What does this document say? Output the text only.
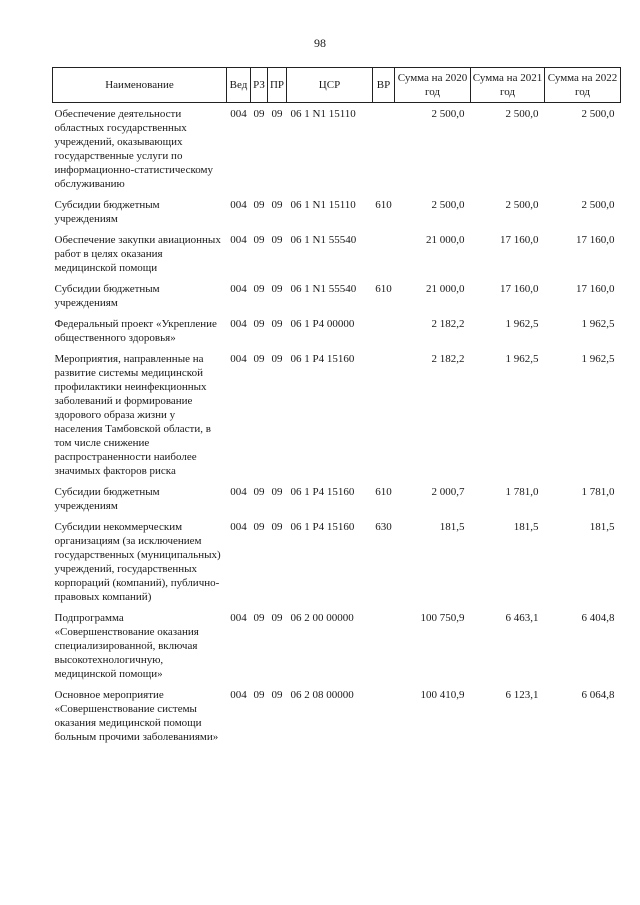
98
Наименование	Вед	РЗ	ПР	ЦСР	ВР	Сумма на 2020 год	Сумма на 2021 год	Сумма на 2022 год
Обеспечение деятельности областных государственных учреждений, оказывающих государственные услуги по информационно-статистическому обслуживанию	004	09	09	06 1 N1 15110		2 500,0	2 500,0	2 500,0
Субсидии бюджетным учреждениям	004	09	09	06 1 N1 15110	610	2 500,0	2 500,0	2 500,0
Обеспечение закупки авиационных работ в целях оказания медицинской помощи	004	09	09	06 1 N1 55540		21 000,0	17 160,0	17 160,0
Субсидии бюджетным учреждениям	004	09	09	06 1 N1 55540	610	21 000,0	17 160,0	17 160,0
Федеральный проект «Укрепление общественного здоровья»	004	09	09	06 1 P4 00000		2 182,2	1 962,5	1 962,5
Мероприятия, направленные на развитие системы медицинской профилактики неинфекционных заболеваний и формирование здорового образа жизни у населения Тамбовской области, в том числе снижение распространенности наиболее значимых факторов риска	004	09	09	06 1 P4 15160		2 182,2	1 962,5	1 962,5
Субсидии бюджетным учреждениям	004	09	09	06 1 P4 15160	610	2 000,7	1 781,0	1 781,0
Субсидии некоммерческим организациям (за исключением государственных (муниципальных) учреждений, государственных корпораций (компаний), публично-правовых компаний)	004	09	09	06 1 P4 15160	630	181,5	181,5	181,5
Подпрограмма «Совершенствование оказания специализированной, включая высокотехнологичную, медицинской помощи»	004	09	09	06 2 00 00000		100 750,9	6 463,1	6 404,8
Основное мероприятие «Совершенствование системы оказания медицинской помощи больным прочими заболеваниями»	004	09	09	06 2 08 00000		100 410,9	6 123,1	6 064,8
